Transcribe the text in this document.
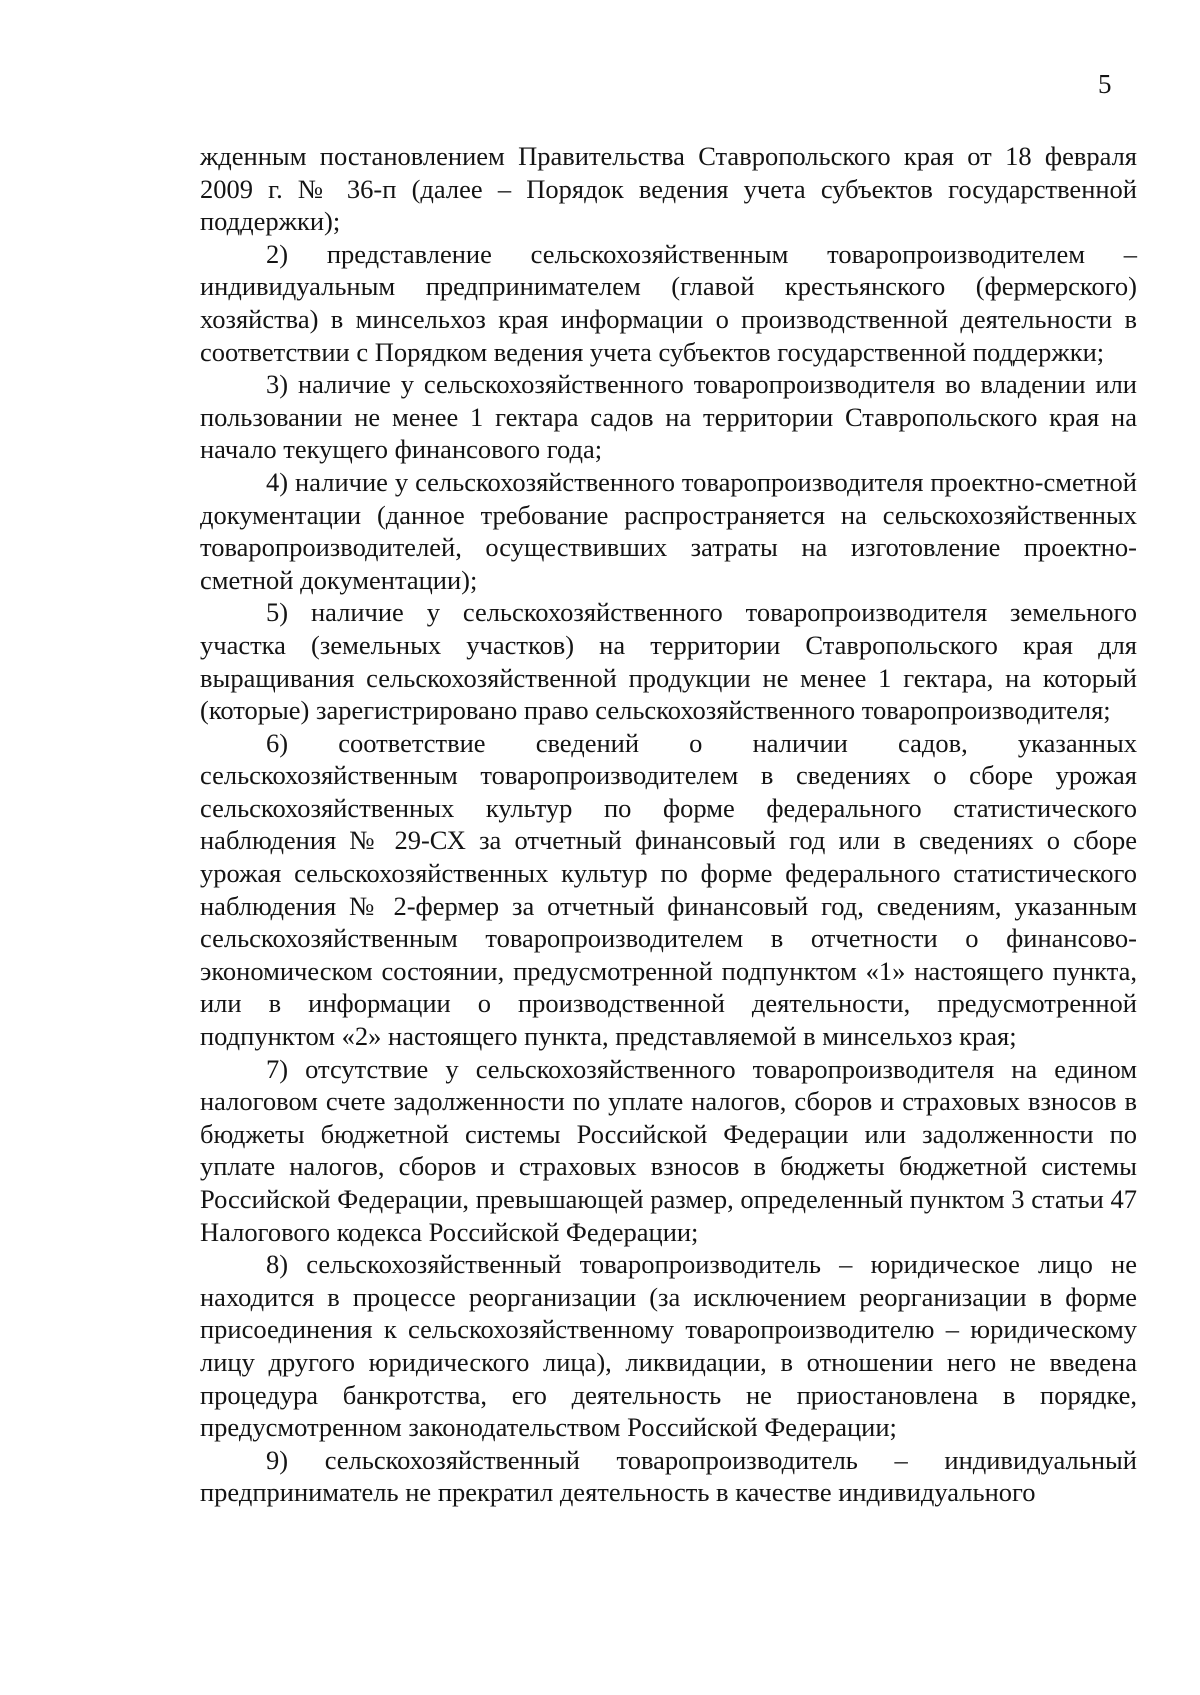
5

жденным постановлением Правительства Ставропольского края от 18 февраля 2009 г. № 36-п (далее – Порядок ведения учета субъектов государственной поддержки);

2) представление сельскохозяйственным товаропроизводителем – индивидуальным предпринимателем (главой крестьянского (фермерского) хозяйства) в минсельхоз края информации о производственной деятельности в соответствии с Порядком ведения учета субъектов государственной поддержки;

3) наличие у сельскохозяйственного товаропроизводителя во владении или пользовании не менее 1 гектара садов на территории Ставропольского края на начало текущего финансового года;

4) наличие у сельскохозяйственного товаропроизводителя проектно-сметной документации (данное требование распространяется на сельскохозяйственных товаропроизводителей, осуществивших затраты на изготовление проектно-сметной документации);

5) наличие у сельскохозяйственного товаропроизводителя земельного участка (земельных участков) на территории Ставропольского края для выращивания сельскохозяйственной продукции не менее 1 гектара, на который (которые) зарегистрировано право сельскохозяйственного товаропроизводителя;

6) соответствие сведений о наличии садов, указанных сельскохозяйственным товаропроизводителем в сведениях о сборе урожая сельскохозяйственных культур по форме федерального статистического наблюдения № 29-СХ за отчетный финансовый год или в сведениях о сборе урожая сельскохозяйственных культур по форме федерального статистического наблюдения № 2-фермер за отчетный финансовый год, сведениям, указанным сельскохозяйственным товаропроизводителем в отчетности о финансово-экономическом состоянии, предусмотренной подпунктом «1» настоящего пункта, или в информации о производственной деятельности, предусмотренной подпунктом «2» настоящего пункта, представляемой в минсельхоз края;

7) отсутствие у сельскохозяйственного товаропроизводителя на едином налоговом счете задолженности по уплате налогов, сборов и страховых взносов в бюджеты бюджетной системы Российской Федерации или задолженности по уплате налогов, сборов и страховых взносов в бюджеты бюджетной системы Российской Федерации, превышающей размер, определенный пунктом 3 статьи 47 Налогового кодекса Российской Федерации;

8) сельскохозяйственный товаропроизводитель – юридическое лицо не находится в процессе реорганизации (за исключением реорганизации в форме присоединения к сельскохозяйственному товаропроизводителю – юридическому лицу другого юридического лица), ликвидации, в отношении него не введена процедура банкротства, его деятельность не приостановлена в порядке, предусмотренном законодательством Российской Федерации;

9) сельскохозяйственный товаропроизводитель – индивидуальный предприниматель не прекратил деятельность в качестве индивидуального
